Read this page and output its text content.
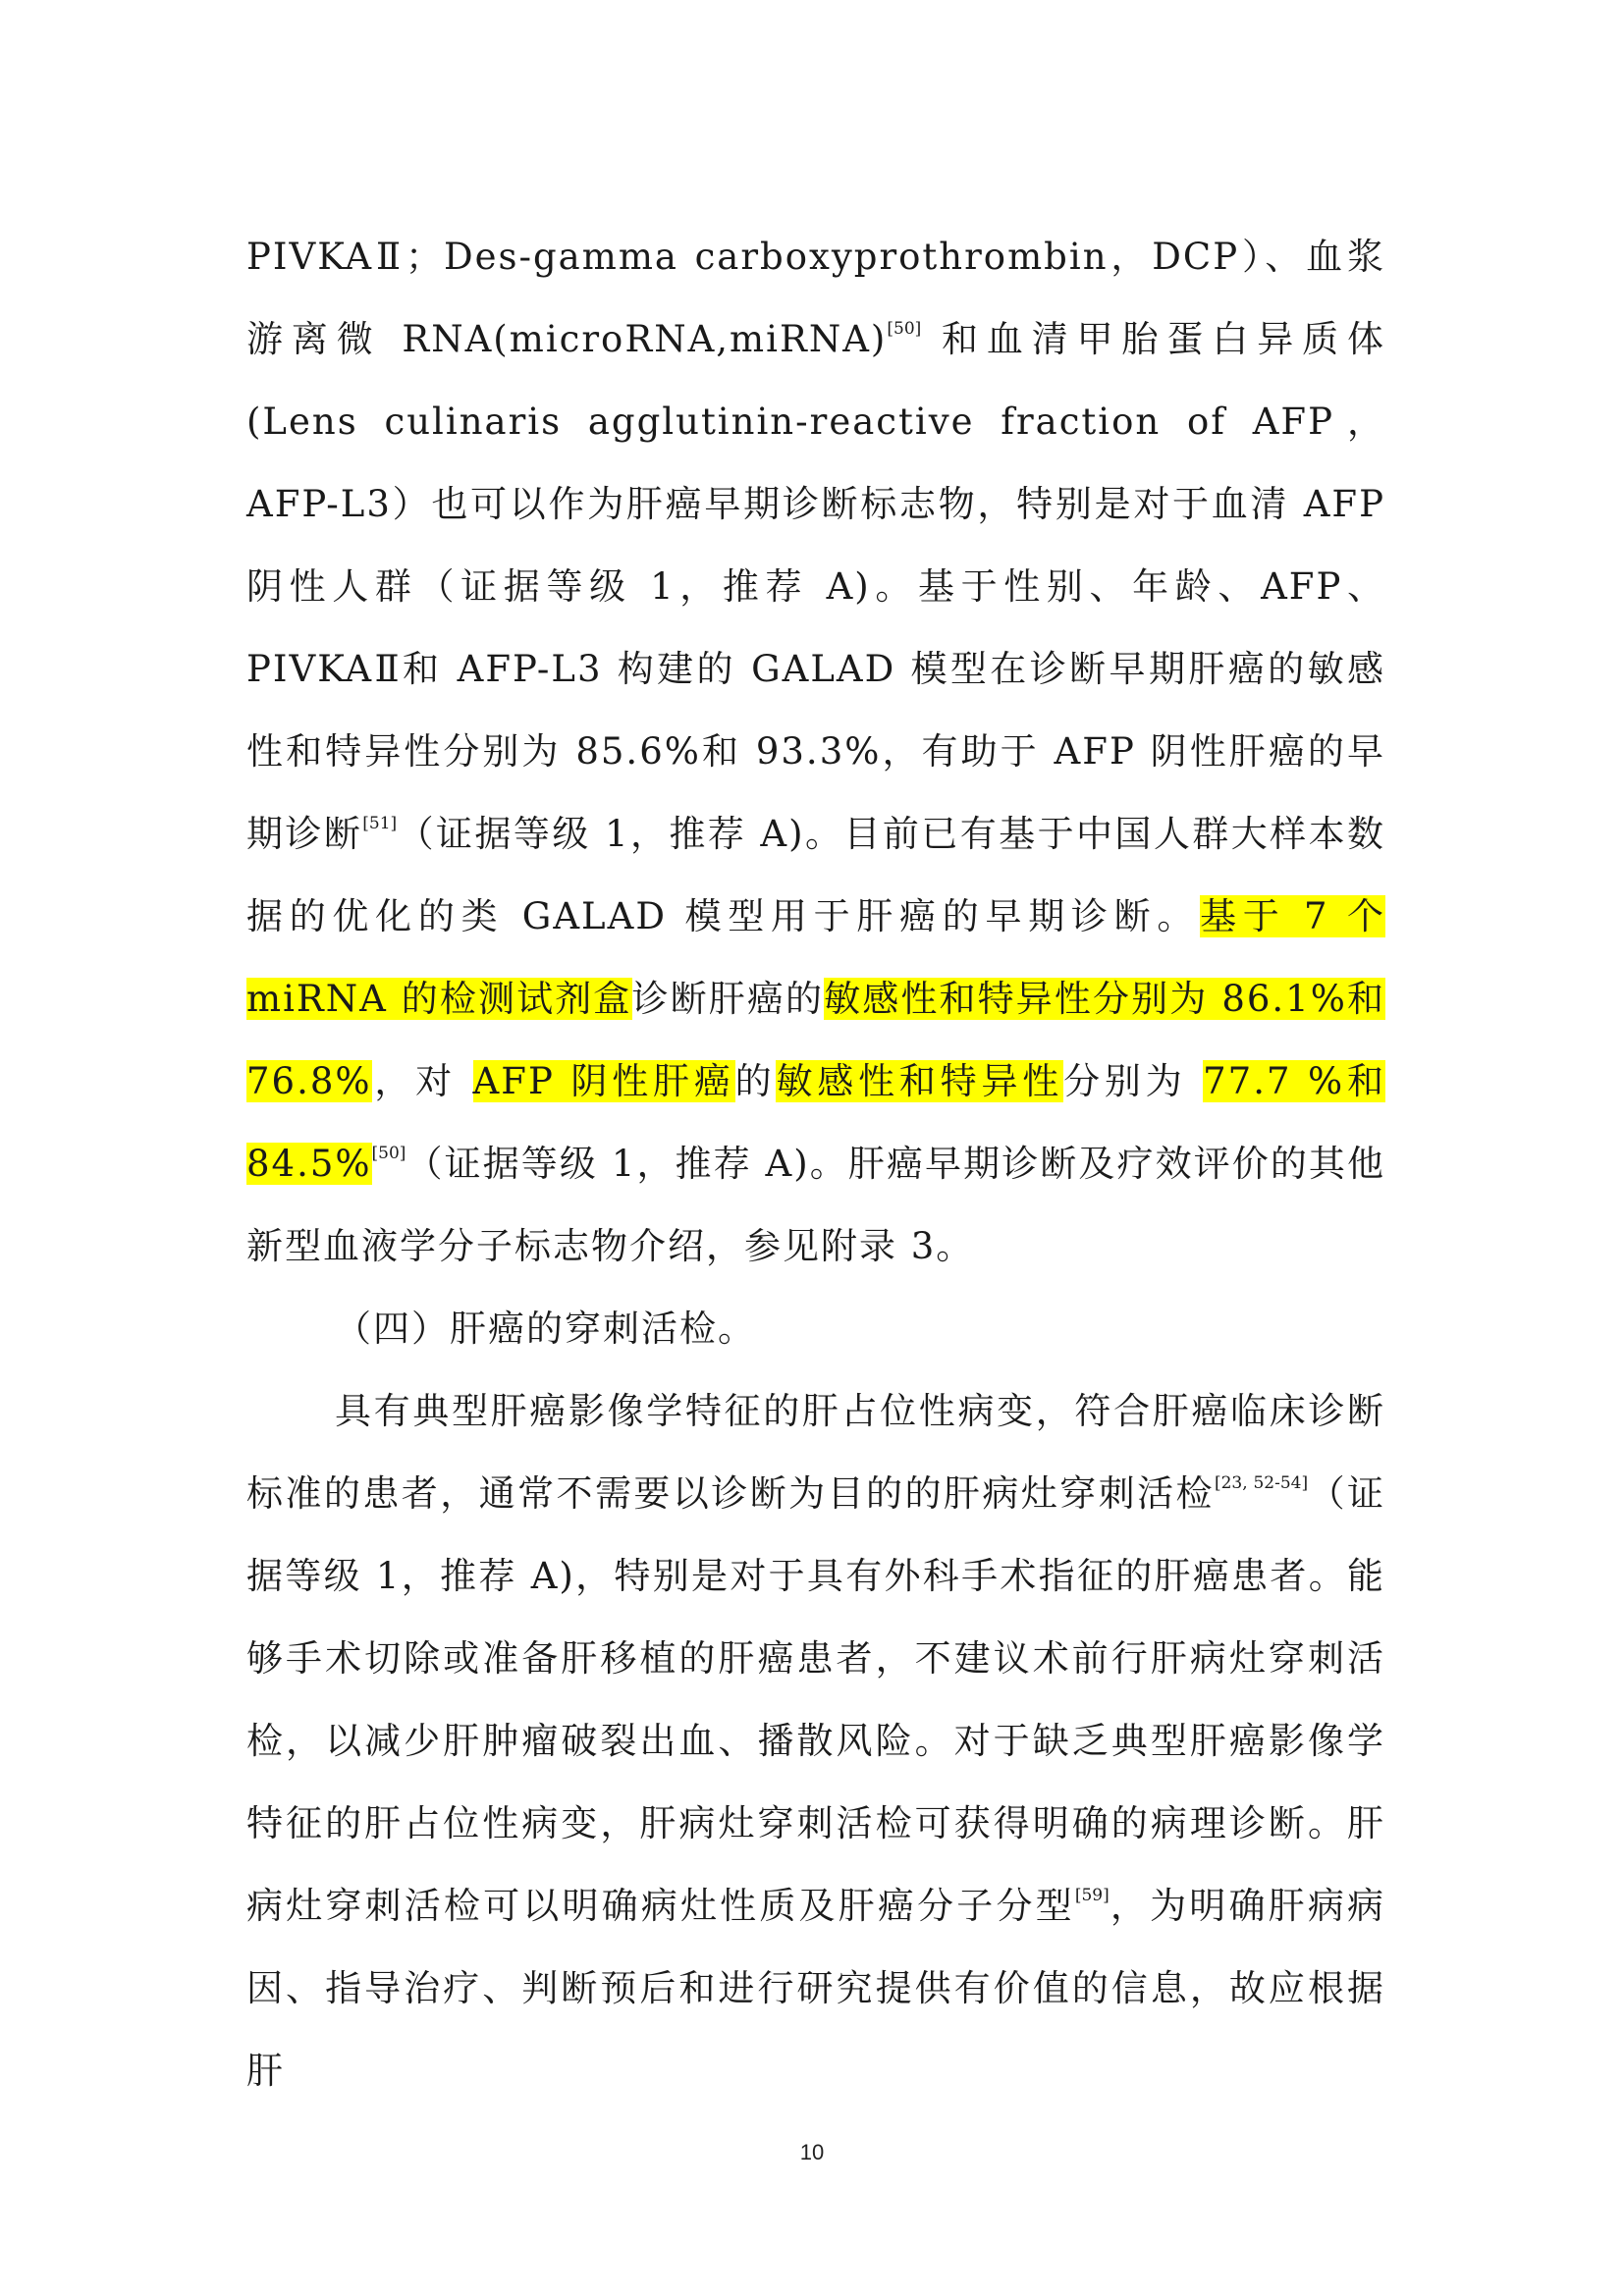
PIVKAⅡ；Des-gamma carboxyprothrombin，DCP）、血浆游离微 RNA(microRNA,miRNA)[50] 和血清甲胎蛋白异质体(Lens culinaris agglutinin-reactive fraction of AFP，AFP-L3）也可以作为肝癌早期诊断标志物，特别是对于血清 AFP 阴性人群（证据等级 1，推荐 A)。基于性别、年龄、AFP、PIVKAⅡ和 AFP-L3 构建的 GALAD 模型在诊断早期肝癌的敏感性和特异性分别为 85.6%和 93.3%，有助于 AFP 阴性肝癌的早期诊断[51]（证据等级 1，推荐 A)。目前已有基于中国人群大样本数据的优化的类 GALAD 模型用于肝癌的早期诊断。基于 7 个 miRNA 的检测试剂盒诊断肝癌的敏感性和特异性分别为 86.1%和 76.8%，对 AFP 阴性肝癌的敏感性和特异性分别为 77.7 %和 84.5%[50]（证据等级 1，推荐 A)。肝癌早期诊断及疗效评价的其他新型血液学分子标志物介绍，参见附录 3。

（四）肝癌的穿刺活检。

具有典型肝癌影像学特征的肝占位性病变，符合肝癌临床诊断标准的患者，通常不需要以诊断为目的的肝病灶穿刺活检[23, 52-54]（证据等级 1，推荐 A)，特别是对于具有外科手术指征的肝癌患者。能够手术切除或准备肝移植的肝癌患者，不建议术前行肝病灶穿刺活检，以减少肝肿瘤破裂出血、播散风险。对于缺乏典型肝癌影像学特征的肝占位性病变，肝病灶穿刺活检可获得明确的病理诊断。肝病灶穿刺活检可以明确病灶性质及肝癌分子分型[59]，为明确肝病病因、指导治疗、判断预后和进行研究提供有价值的信息，故应根据肝

10
